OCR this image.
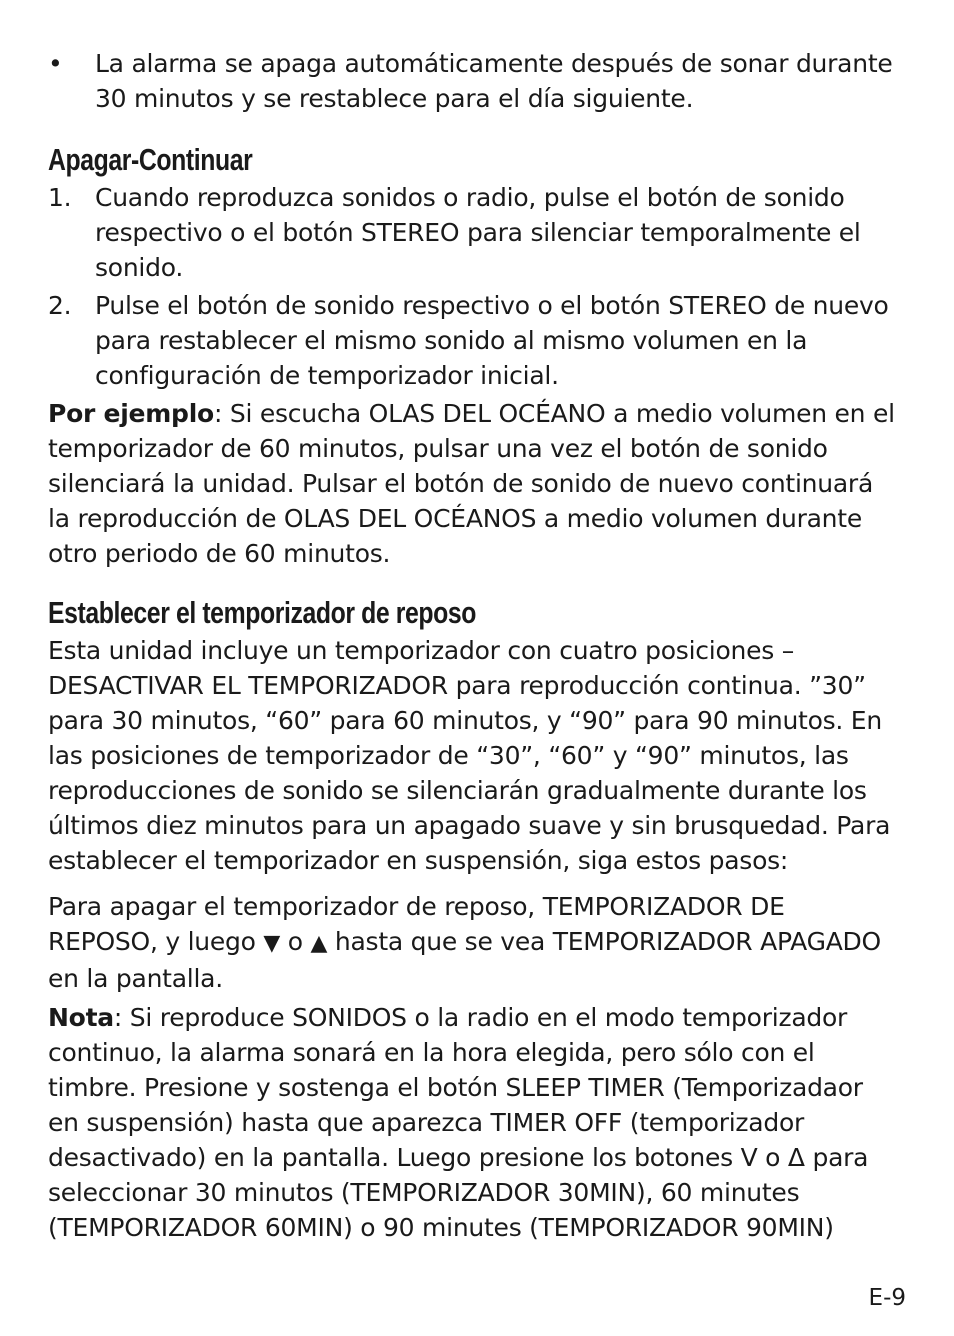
• La alarma se apaga automáticamente después de sonar durante 30 minutos y se restablece para el día siguiente.

Apagar-Continuar

1. Cuando reproduzca sonidos o radio, pulse el botón de sonido respectivo o el botón STEREO para silenciar temporalmente el sonido.

2. Pulse el botón de sonido respectivo o el botón STEREO de nuevo para restablecer el mismo sonido al mismo volumen en la configuración de temporizador inicial.

Por ejemplo: Si escucha OLAS DEL OCÉANO a medio volumen en el temporizador de 60 minutos, pulsar una vez el botón de sonido silenciará la unidad. Pulsar el botón de sonido de nuevo continuará la reproducción de OLAS DEL OCÉANOS a medio volumen durante otro periodo de 60 minutos.

Establecer el temporizador de reposo

Esta unidad incluye un temporizador con cuatro posiciones – DESACTIVAR EL TEMPORIZADOR para reproducción continua. ”30” para 30 minutos, “60” para 60 minutos, y “90” para 90 minutos. En las posiciones de temporizador de “30”, “60” y “90” minutos, las reproducciones de sonido se silenciarán gradualmente durante los últimos diez minutos para un apagado suave y sin brusquedad. Para establecer el temporizador en suspensión, siga estos pasos:

Para apagar el temporizador de reposo, TEMPORIZADOR DE REPOSO, y luego ▼ o ▲ hasta que se vea TEMPORIZADOR APAGADO en la pantalla.

Nota: Si reproduce SONIDOS o la radio en el modo temporizador continuo, la alarma sonará en la hora elegida, pero sólo con el timbre. Presione y sostenga el botón SLEEP TIMER (Temporizadaor en suspensión) hasta que aparezca TIMER OFF (temporizador desactivado) en la pantalla. Luego presione los botones V o Δ para seleccionar 30 minutos (TEMPORIZADOR 30MIN), 60 minutes (TEMPORIZADOR 60MIN) o 90 minutes (TEMPORIZADOR 90MIN)

E-9
